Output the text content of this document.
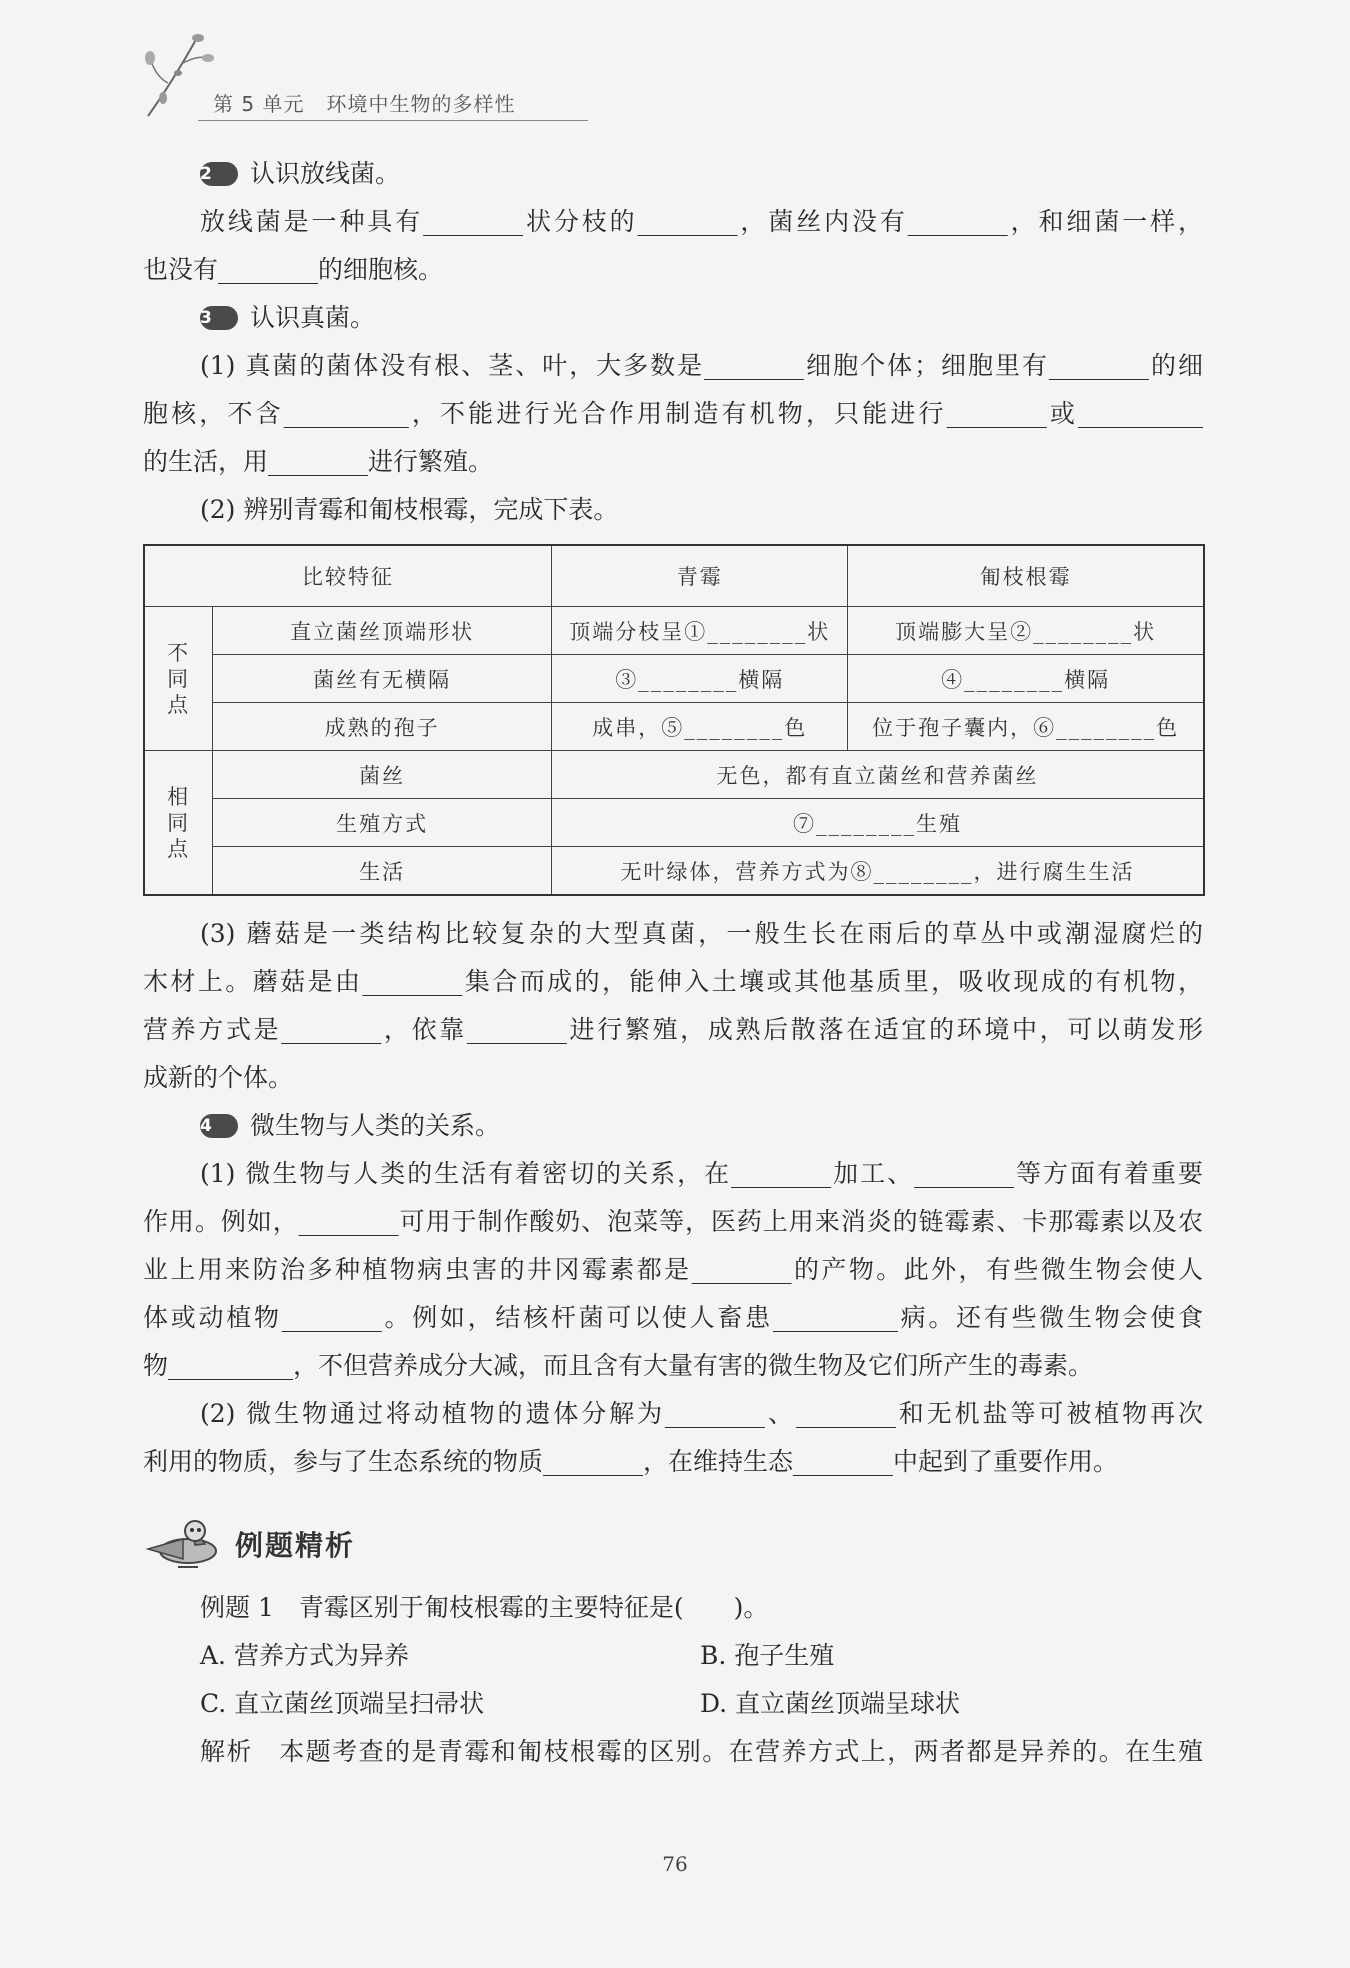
第 5 单元 环境中生物的多样性
2	认识放线菌。
放线菌是一种具有________状分枝的________，菌丝内没有________，和细菌一样，
也没有________的细胞核。
3	认识真菌。
(1) 真菌的菌体没有根、茎、叶，大多数是________细胞个体；细胞里有________的细
胞核，不含__________，不能进行光合作用制造有机物，只能进行________或__________
的生活，用________进行繁殖。
(2) 辨别青霉和匍枝根霉，完成下表。
比较特征		青霉	匍枝根霉

不
同
点	直立菌丝顶端形状	顶端分枝呈①________状	顶端膨大呈②________状
	菌丝有无横隔	③________横隔	④________横隔
	成熟的孢子	成串，⑤________色	位于孢子囊内，⑥________色

相
同
点	菌丝	无色，都有直立菌丝和营养菌丝	
	生殖方式	⑦________生殖	
	生活	无叶绿体，营养方式为⑧________，进行腐生生活	
(3) 蘑菇是一类结构比较复杂的大型真菌，一般生长在雨后的草丛中或潮湿腐烂的
木材上。蘑菇是由________集合而成的，能伸入土壤或其他基质里，吸收现成的有机物，
营养方式是________，依靠________进行繁殖，成熟后散落在适宜的环境中，可以萌发形
成新的个体。
4	微生物与人类的关系。
(1) 微生物与人类的生活有着密切的关系，在________加工、________等方面有着重要
作用。例如，________可用于制作酸奶、泡菜等，医药上用来消炎的链霉素、卡那霉素以及农
业上用来防治多种植物病虫害的井冈霉素都是________的产物。此外，有些微生物会使人
体或动植物________。例如，结核杆菌可以使人畜患__________病。还有些微生物会使食
物__________，不但营养成分大减，而且含有大量有害的微生物及它们所产生的毒素。
(2) 微生物通过将动植物的遗体分解为________、________和无机盐等可被植物再次
利用的物质，参与了生态系统的物质________，在维持生态________中起到了重要作用。
例题精析
例题 1　青霉区别于匍枝根霉的主要特征是(　　)。
A. 营养方式为异养	B. 孢子生殖
C. 直立菌丝顶端呈扫帚状	D. 直立菌丝顶端呈球状
解析　本题考查的是青霉和匍枝根霉的区别。在营养方式上，两者都是异养的。在生殖
76
